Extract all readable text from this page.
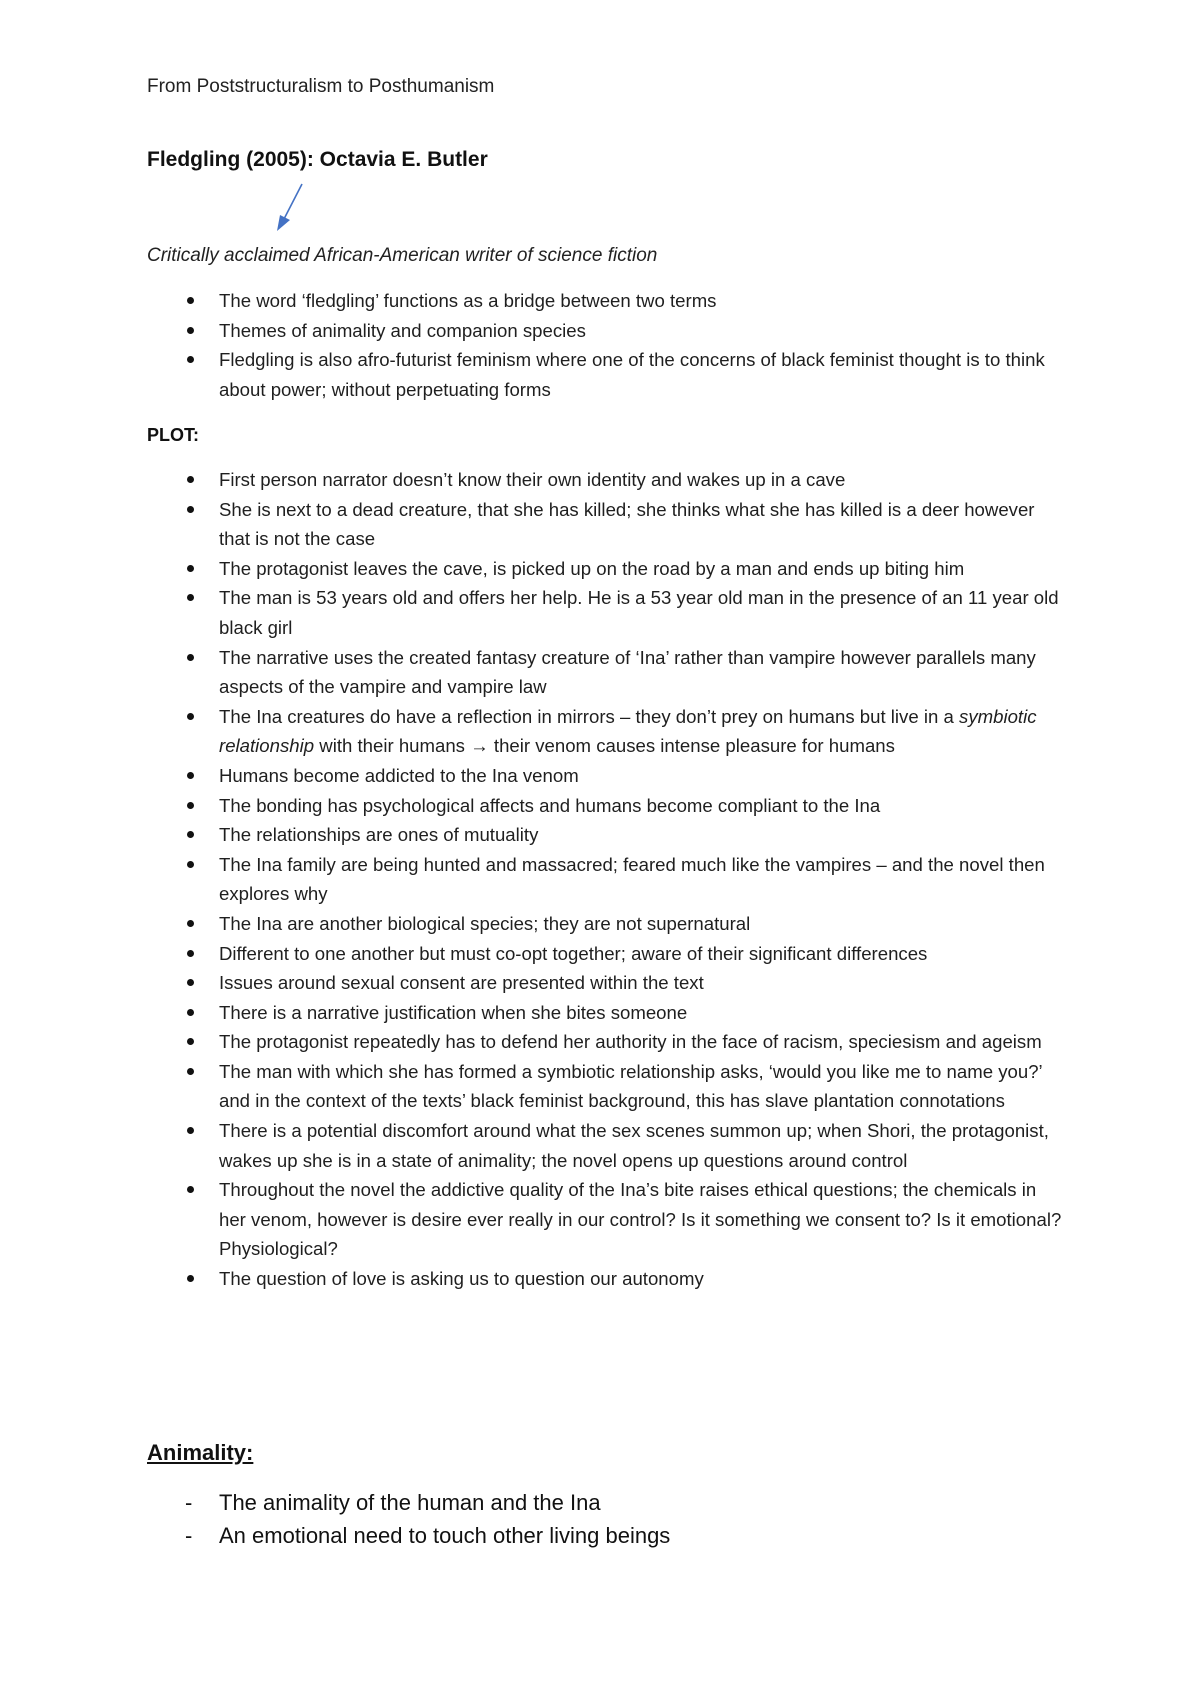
From Poststructuralism to Posthumanism
Fledgling (2005): Octavia E. Butler
Critically acclaimed African-American writer of science fiction
The word ‘fledgling’ functions as a bridge between two terms
Themes of animality and companion species
Fledgling is also afro-futurist feminism where one of the concerns of black feminist thought is to think about power; without perpetuating forms
PLOT:
First person narrator doesn’t know their own identity and wakes up in a cave
She is next to a dead creature, that she has killed; she thinks what she has killed is a deer however that is not the case
The protagonist leaves the cave, is picked up on the road by a man and ends up biting him
The man is 53 years old and offers her help. He is a 53 year old man in the presence of an 11 year old black girl
The narrative uses the created fantasy creature of ‘Ina’ rather than vampire however parallels many aspects of the vampire and vampire law
The Ina creatures do have a reflection in mirrors – they don’t prey on humans but live in a symbiotic relationship with their humans → their venom causes intense pleasure for humans
Humans become addicted to the Ina venom
The bonding has psychological affects and humans become compliant to the Ina
The relationships are ones of mutuality
The Ina family are being hunted and massacred; feared much like the vampires – and the novel then explores why
The Ina are another biological species; they are not supernatural
Different to one another but must co-opt together; aware of their significant differences
Issues around sexual consent are presented within the text
There is a narrative justification when she bites someone
The protagonist repeatedly has to defend her authority in the face of racism, speciesism and ageism
The man with which she has formed a symbiotic relationship asks, ‘would you like me to name you?’ and in the context of the texts’ black feminist background, this has slave plantation connotations
There is a potential discomfort around what the sex scenes summon up; when Shori, the protagonist, wakes up she is in a state of animality; the novel opens up questions around control
Throughout the novel the addictive quality of the Ina’s bite raises ethical questions; the chemicals in her venom, however is desire ever really in our control? Is it something we consent to? Is it emotional? Physiological?
The question of love is asking us to question our autonomy
Animality:
- The animality of the human and the Ina
- An emotional need to touch other living beings
